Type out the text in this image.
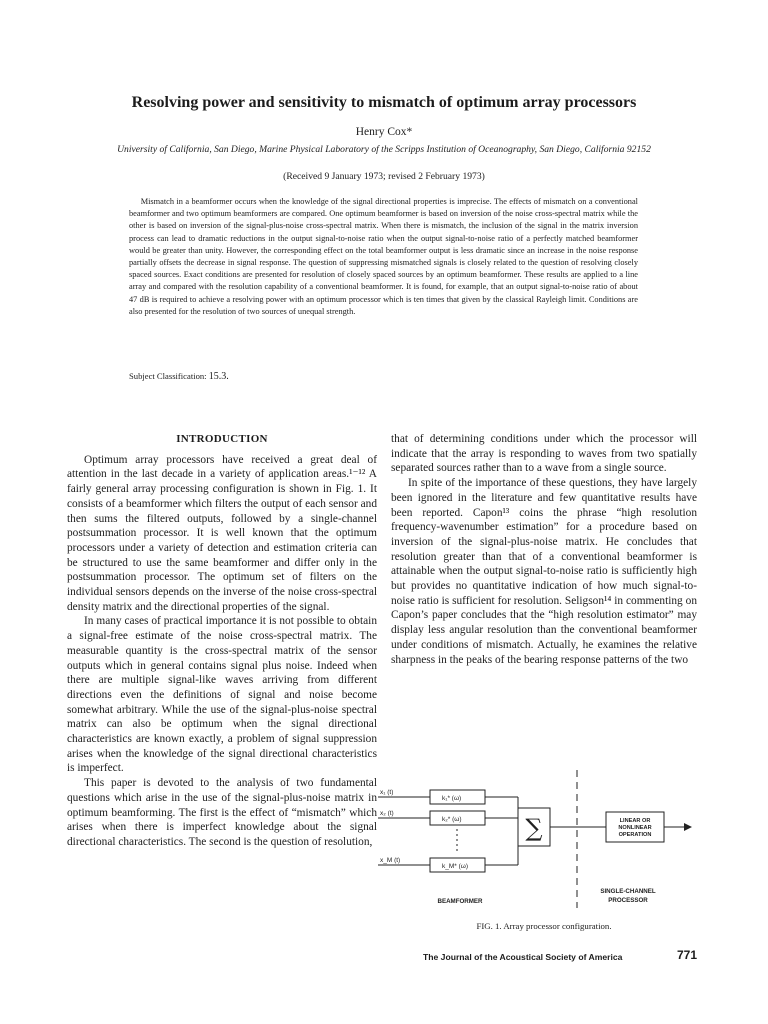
Resolving power and sensitivity to mismatch of optimum array processors
Henry Cox*
University of California, San Diego, Marine Physical Laboratory of the Scripps Institution of Oceanography, San Diego, California 92152
(Received 9 January 1973; revised 2 February 1973)

Mismatch in a beamformer occurs when the knowledge of the signal directional properties is imprecise. The effects of mismatch on a conventional beamformer and two optimum beamformers are compared. One optimum beamformer is based on inversion of the noise cross-spectral matrix while the other is based on inversion of the signal-plus-noise cross-spectral matrix. When there is mismatch, the inclusion of the signal in the matrix inversion process can lead to dramatic reductions in the output signal-to-noise ratio when the output signal-to-noise ratio of a perfectly matched beamformer would be greater than unity. However, the corresponding effect on the total beamformer output is less dramatic since an increase in the noise response partially offsets the decrease in signal response. The question of suppressing mismatched signals is closely related to the question of resolving closely spaced sources. Exact conditions are presented for resolution of closely spaced sources by an optimum beamformer. These results are applied to a line array and compared with the resolution capability of a conventional beamformer. It is found, for example, that an output signal-to-noise ratio of about 47 dB is required to achieve a resolving power with an optimum processor which is ten times that given by the classical Rayleigh limit. Conditions are also presented for the resolution of two sources of unequal strength.

Subject Classification: 15.3.
INTRODUCTION

Optimum array processors have received a great deal of attention in the last decade in a variety of application areas.¹⁻¹² A fairly general array processing configuration is shown in Fig. 1. It consists of a beamformer which filters the output of each sensor and then sums the filtered outputs, followed by a single-channel postsummation processor. It is well known that the optimum processors under a variety of detection and estimation criteria can be structured to use the same beamformer and differ only in the postsummation processor. The optimum set of filters on the individual sensors depends on the inverse of the noise cross-spectral density matrix and the directional properties of the signal.

In many cases of practical importance it is not possible to obtain a signal-free estimate of the noise cross-spectral matrix. The measurable quantity is the cross-spectral matrix of the sensor outputs which in general contains signal plus noise. Indeed when there are multiple signal-like waves arriving from different directions even the definitions of signal and noise become somewhat arbitrary. While the use of the signal-plus-noise spectral matrix can also be optimum when the signal directional characteristics are known exactly, a problem of signal suppression arises when the knowledge of the signal directional characteristics is imperfect.

This paper is devoted to the analysis of two fundamental questions which arise in the use of the signal-plus-noise matrix in optimum beamforming. The first is the effect of “mismatch” which arises when there is imperfect knowledge about the signal directional characteristics. The second is the question of resolution,

that of determining conditions under which the processor will indicate that the array is responding to waves from two spatially separated sources rather than to a wave from a single source.

In spite of the importance of these questions, they have largely been ignored in the literature and few quantitative results have been reported. Capon¹³ coins the phrase “high resolution frequency-wavenumber estimation” for a procedure based on inversion of the signal-plus-noise matrix. He concludes that resolution greater than that of a conventional beamformer is attainable when the output signal-to-noise ratio is sufficiently high but provides no quantitative indication of how much signal-to-noise ratio is sufficient for resolution. Seligson¹⁴ in commenting on Capon’s paper concludes that the “high resolution estimator” may display less angular resolution than the conventional beamformer under conditions of mismatch. Actually, he examines the relative sharpness in the peaks of the bearing response patterns of the two

x₁ (t)
x₂ (t)
x_M (t)
k₁* (ω)
k₂* (ω)
k_M* (ω)
∑	LINEAR OR
NONLINEAR
OPERATION
BEAMFORMER
SINGLE-CHANNEL
PROCESSOR
FIG. 1. Array processor configuration.
The Journal of the Acoustical Society of America	771
